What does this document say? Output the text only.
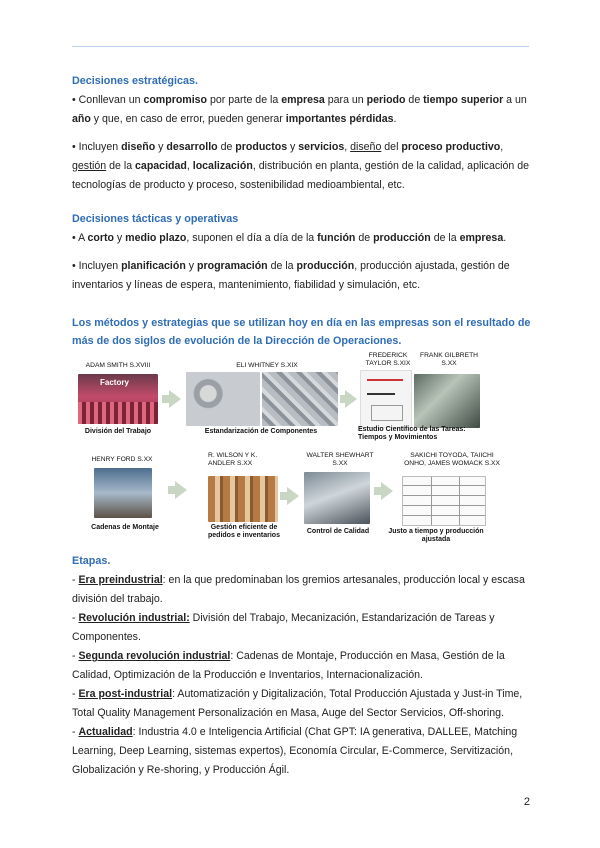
Decisiones estratégicas.
• Conllevan un compromiso por parte de la empresa para un periodo de tiempo superior a un año y que, en caso de error, pueden generar importantes pérdidas.
• Incluyen diseño y desarrollo de productos y servicios, diseño del proceso productivo, gestión de la capacidad, localización, distribución en planta, gestión de la calidad, aplicación de tecnologías de producto y proceso, sostenibilidad medioambiental, etc.
Decisiones tácticas y operativas
• A corto y medio plazo, suponen el día a día de la función de producción de la empresa.
• Incluyen planificación y programación de la producción, producción ajustada, gestión de inventarios y líneas de espera, mantenimiento, fiabilidad y simulación, etc.
Los métodos y estrategias que se utilizan hoy en día en las empresas son el resultado de más de dos siglos de evolución de la Dirección de Operaciones.
ADAM SMITH S.XVIII
Factory
División del Trabajo
ELI WHITNEY S.XIX
Estandarización de Componentes
FREDERICK TAYLOR S.XIX
FRANK GILBRETH S.XX
Estudio Científico de las Tareas: Tiempos y Movimientos
HENRY FORD S.XX
Cadenas de Montaje
R. WILSON Y K. ANDLER S.XX
Gestión eficiente de pedidos e inventarios
WALTER SHEWHART S.XX
Control de Calidad
SAKICHI TOYODA, TAIICHI ONHO, JAMES WOMACK S.XX
Justo a tiempo y producción ajustada
Etapas.
- Era preindustrial: en la que predominaban los gremios artesanales, producción local y escasa división del trabajo.
- Revolución industrial: División del Trabajo, Mecanización, Estandarización de Tareas y Componentes.
- Segunda revolución industrial: Cadenas de Montaje, Producción en Masa, Gestión de la Calidad, Optimización de la Producción e Inventarios, Internacionalización.
- Era post-industrial: Automatización y Digitalización, Total Producción Ajustada y Just-in Time, Total Quality Management Personalización en Masa, Auge del Sector Servicios, Off-shoring.
- Actualidad: Industria 4.0 e Inteligencia Artificial (Chat GPT: IA generativa, DALLEE, Matching Learning, Deep Learning, sistemas expertos), Economía Circular, E-Commerce, Servitización, Globalización y Re-shoring, y Producción Ágil.
2
